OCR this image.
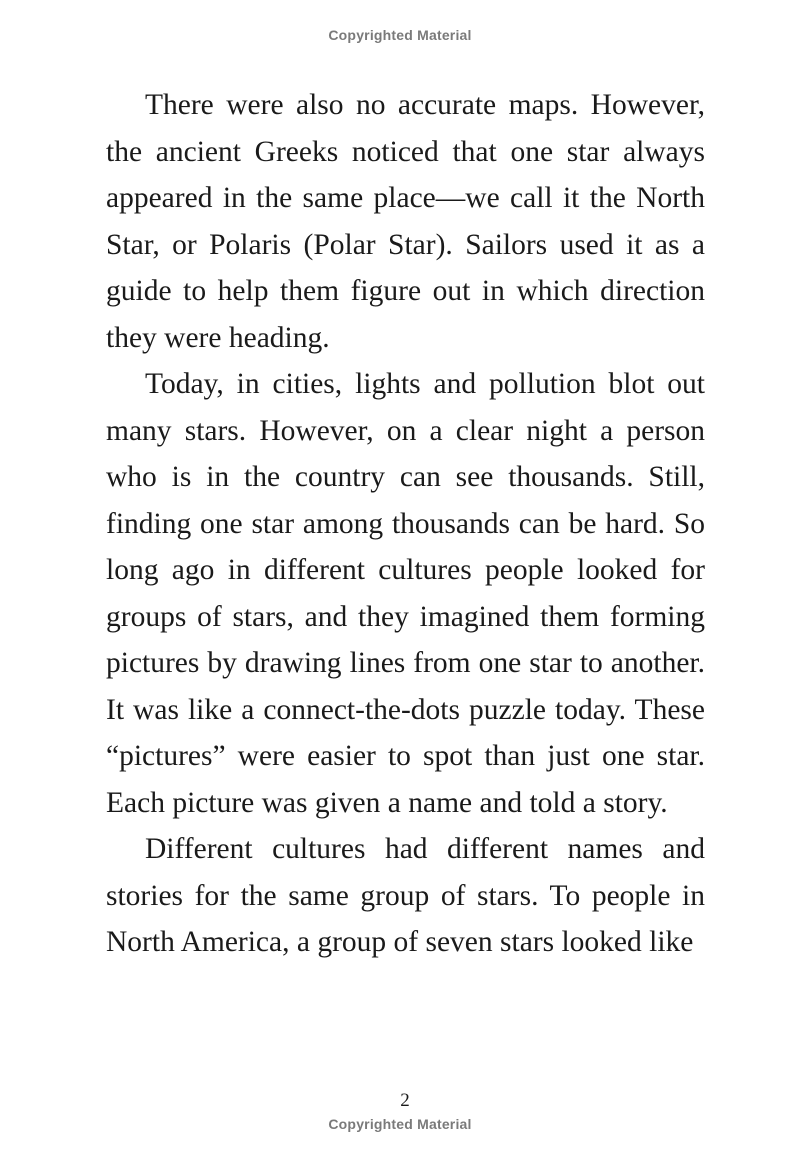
Copyrighted Material

There were also no accurate maps. However, the ancient Greeks noticed that one star always appeared in the same place—we call it the North Star, or Polaris (Polar Star). Sailors used it as a guide to help them figure out in which direction they were heading.

Today, in cities, lights and pollution blot out many stars. However, on a clear night a person who is in the country can see thousands. Still, finding one star among thousands can be hard. So long ago in different cultures people looked for groups of stars, and they imagined them forming pictures by drawing lines from one star to another. It was like a connect-the-dots puzzle today. These “pictures” were easier to spot than just one star. Each picture was given a name and told a story.

Different cultures had different names and stories for the same group of stars. To people in North America, a group of seven stars looked like

2
Copyrighted Material
